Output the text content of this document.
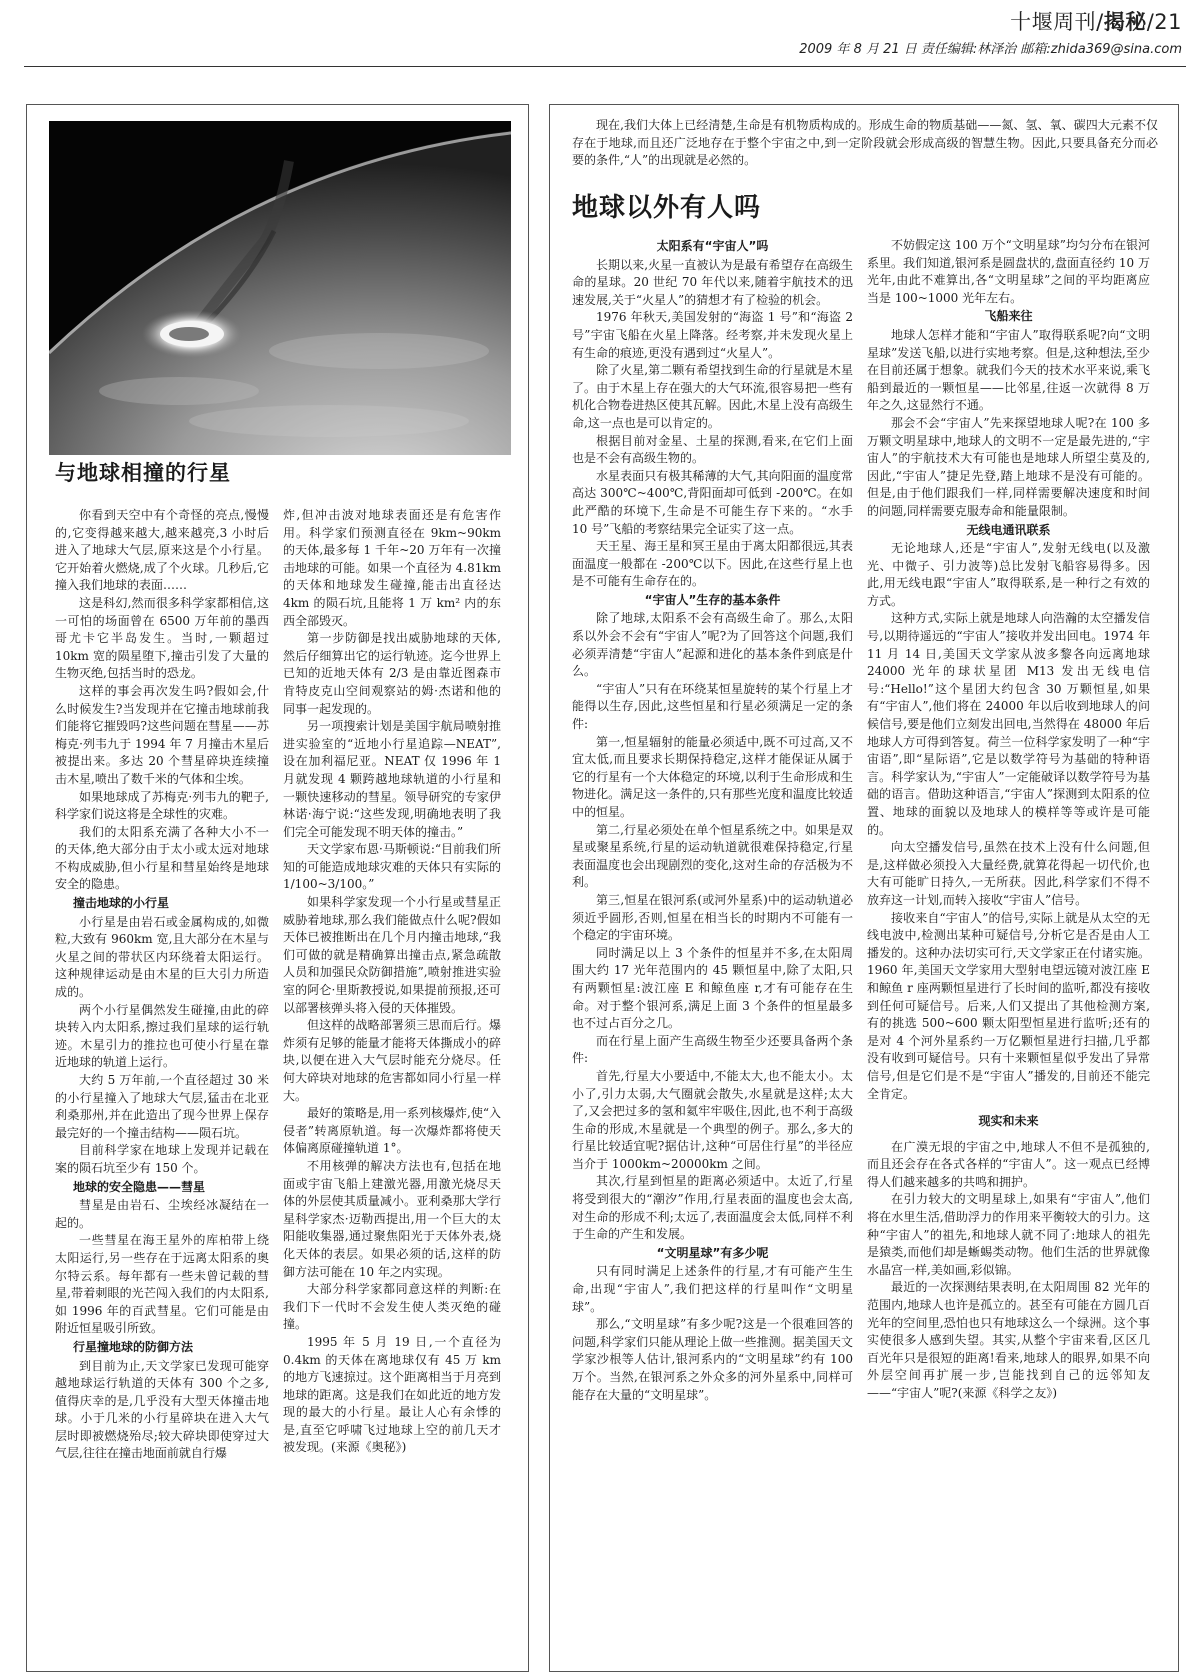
十堰周刊/揭秘/21
2009 年 8 月 21 日 责任编辑:林泽治 邮箱:zhida369@sina.com
与地球相撞的行星

你看到天空中有个奇怪的亮点,慢慢的,它变得越来越大,越来越亮,3 小时后进入了地球大气层,原来这是个小行星。它开始着火燃烧,成了个火球。几秒后,它撞入我们地球的表面……

这是科幻,然而很多科学家都相信,这一可怕的场面曾在 6500 万年前的墨西哥尤卡它半岛发生。当时,一颗超过 10km 宽的陨星堕下,撞击引发了大量的生物灭绝,包括当时的恐龙。

这样的事会再次发生吗?假如会,什么时候发生?当发现并在它撞击地球前我们能将它摧毁吗?这些问题在彗星——苏梅克·列韦九于 1994 年 7 月撞击木星后被提出来。多达 20 个彗星碎块连续撞击木星,喷出了数千米的气体和尘埃。

如果地球成了苏梅克·列韦九的靶子,科学家们说这将是全球性的灾难。

我们的太阳系充满了各种大小不一的天体,绝大部分由于太小或太远对地球不构成威胁,但小行星和彗星始终是地球安全的隐患。

撞击地球的小行星

小行星是由岩石或金属构成的,如微粒,大致有 960km 宽,且大部分在木星与火星之间的带状区内环绕着太阳运行。这种规律运动是由木星的巨大引力所造成的。

两个小行星偶然发生碰撞,由此的碎块转入内太阳系,擦过我们星球的运行轨迹。木星引力的推拉也可使小行星在靠近地球的轨道上运行。

大约 5 万年前,一个直径超过 30 米的小行星撞入了地球大气层,猛击在北亚利桑那州,并在此造出了现今世界上保存最完好的一个撞击结构——陨石坑。

目前科学家在地球上发现并记载在案的陨石坑至少有 150 个。

地球的安全隐患——彗星

彗星是由岩石、尘埃经冰凝结在一起的。

一些彗星在海王星外的库柏带上绕太阳运行,另一些存在于远离太阳系的奥尔特云系。每年都有一些未曾记载的彗星,带着刺眼的光芒闯入我们的内太阳系,如 1996 年的百武彗星。它们可能是由附近恒星吸引所致。

行星撞地球的防御方法

到目前为止,天文学家已发现可能穿越地球运行轨道的天体有 300 个之多,值得庆幸的是,几乎没有大型天体撞击地球。小于几米的小行星碎块在进入大气层时即被燃烧殆尽;较大碎块即使穿过大气层,往往在撞击地面前就自行爆

炸,但冲击波对地球表面还是有危害作用。科学家们预测直径在 9km~90km 的天体,最多每 1 千年~20 万年有一次撞击地球的可能。如果一个直径为 4.81km 的天体和地球发生碰撞,能击出直径达 4km 的陨石坑,且能将 1 万 km² 内的东西全部毁灭。

第一步防御是找出威胁地球的天体,然后仔细算出它的运行轨迹。迄今世界上已知的近地天体有 2/3 是由靠近图森市肯特皮克山空间观察站的姆·杰诺和他的同事一起发现的。

另一项搜索计划是美国宇航局喷射推进实验室的“近地小行星追踪—NEAT”,设在加利福尼亚。NEAT 仅 1996 年 1 月就发现 4 颗跨越地球轨道的小行星和一颗快速移动的彗星。领导研究的专家伊林诺·海宁说:“这些发现,明确地表明了我们完全可能发现不明天体的撞击。”

天文学家布恩·马斯顿说:“目前我们所知的可能造成地球灾难的天体只有实际的 1/100~3/100。”

如果科学家发现一个小行星或彗星正威胁着地球,那么我们能做点什么呢?假如天体已被推断出在几个月内撞击地球,“我们可做的就是精确算出撞击点,紧急疏散人员和加强民众防御措施”,喷射推进实验室的阿仑·里斯教授说,如果提前预报,还可以部署核弹头将入侵的天体摧毁。

但这样的战略部署须三思而后行。爆炸须有足够的能量才能将天体撕成小的碎块,以便在进入大气层时能充分烧尽。任何大碎块对地球的危害都如同小行星一样大。

最好的策略是,用一系列核爆炸,使“入侵者”转离原轨道。每一次爆炸都将使天体偏离原碰撞轨道 1°。

不用核弹的解决方法也有,包括在地面或宇宙飞船上建激光器,用激光烧尽天体的外层使其质量减小。亚利桑那大学行星科学家杰·迈勒西提出,用一个巨大的太阳能收集器,通过聚焦阳光于天体外表,烧化天体的表层。如果必须的话,这样的防御方法可能在 10 年之内实现。

大部分科学家都同意这样的判断:在我们下一代时不会发生使人类灭绝的碰撞。

1995 年 5 月 19 日,一个直径为 0.4km 的天体在离地球仅有 45 万 km 的地方飞速掠过。这个距离相当于月亮到地球的距离。这是我们在如此近的地方发现的最大的小行星。最让人心有余悸的是,直至它呼啸飞过地球上空的前几天才被发现。(来源《奥秘》)

现在,我们大体上已经清楚,生命是有机物质构成的。形成生命的物质基础——氮、氢、氧、碳四大元素不仅存在于地球,而且还广泛地存在于整个宇宙之中,到一定阶段就会形成高级的智慧生物。因此,只要具备充分而必要的条件,“人”的出现就是必然的。

地球以外有人吗
太阳系有“宇宙人”吗

长期以来,火星一直被认为是最有希望存在高级生命的星球。20 世纪 70 年代以来,随着宇航技术的迅速发展,关于“火星人”的猜想才有了检验的机会。

1976 年秋天,美国发射的“海盗 1 号”和“海盗 2 号”宇宙飞船在火星上降落。经考察,并未发现火星上有生命的痕迹,更没有遇到过“火星人”。

除了火星,第二颗有希望找到生命的行星就是木星了。由于木星上存在强大的大气环流,很容易把一些有机化合物卷进热区使其瓦解。因此,木星上没有高级生命,这一点也是可以肯定的。

根据目前对金星、土星的探测,看来,在它们上面也是不会有高级生物的。

水星表面只有极其稀薄的大气,其向阳面的温度常高达 300℃~400℃,背阳面却可低到 -200℃。在如此严酷的环境下,生命是不可能生存下来的。“水手 10 号”飞船的考察结果完全证实了这一点。

天王星、海王星和冥王星由于离太阳都很远,其表面温度一般都在 -200℃以下。因此,在这些行星上也是不可能有生命存在的。

“宇宙人”生存的基本条件

除了地球,太阳系不会有高级生命了。那么,太阳系以外会不会有“宇宙人”呢?为了回答这个问题,我们必须弄清楚“宇宙人”起源和进化的基本条件到底是什么。

“宇宙人”只有在环绕某恒星旋转的某个行星上才能得以生存,因此,这些恒星和行星必须满足一定的条件:

第一,恒星辐射的能量必须适中,既不可过高,又不宜太低,而且要求长期保持稳定,这样才能保证从属于它的行星有一个大体稳定的环境,以利于生命形成和生物进化。满足这一条件的,只有那些光度和温度比较适中的恒星。

第二,行星必须处在单个恒星系统之中。如果是双星或聚星系统,行星的运动轨道就很难保持稳定,行星表面温度也会出现剧烈的变化,这对生命的存活极为不利。

第三,恒星在银河系(或河外星系)中的运动轨道必须近乎圆形,否则,恒星在相当长的时期内不可能有一个稳定的宇宙环境。

同时满足以上 3 个条件的恒星并不多,在太阳周围大约 17 光年范围内的 45 颗恒星中,除了太阳,只有两颗恒星:波江座 E 和鲸鱼座 r,才有可能存在生命。对于整个银河系,满足上面 3 个条件的恒星最多也不过占百分之几。

而在行星上面产生高级生物至少还要具备两个条件:

首先,行星大小要适中,不能太大,也不能太小。太小了,引力太弱,大气圈就会散失,水星就是这样;太大了,又会把过多的氢和氦牢牢吸住,因此,也不利于高级生命的形成,木星就是一个典型的例子。那么,多大的行星比较适宜呢?据估计,这种“可居住行星”的半径应当介于 1000km~20000km 之间。

其次,行星到恒星的距离必须适中。太近了,行星将受到很大的“潮汐”作用,行星表面的温度也会太高,对生命的形成不利;太远了,表面温度会太低,同样不利于生命的产生和发展。

“文明星球”有多少呢

只有同时满足上述条件的行星,才有可能产生生命,出现“宇宙人”,我们把这样的行星叫作“文明星球”。

那么,“文明星球”有多少呢?这是一个很难回答的问题,科学家们只能从理论上做一些推测。据美国天文学家沙根等人估计,银河系内的“文明星球”约有 100 万个。当然,在银河系之外众多的河外星系中,同样可能存在大量的“文明星球”。

不妨假定这 100 万个“文明星球”均匀分布在银河系里。我们知道,银河系是圆盘状的,盘面直径约 10 万光年,由此不难算出,各“文明星球”之间的平均距离应当是 100~1000 光年左右。

飞船来往

地球人怎样才能和“宇宙人”取得联系呢?向“文明星球”发送飞船,以进行实地考察。但是,这种想法,至少在目前还属于想象。就我们今天的技术水平来说,乘飞船到最近的一颗恒星——比邻星,往返一次就得 8 万年之久,这显然行不通。

那会不会“宇宙人”先来探望地球人呢?在 100 多万颗文明星球中,地球人的文明不一定是最先进的,“宇宙人”的宇航技术大有可能也是地球人所望尘莫及的,因此,“宇宙人”捷足先登,踏上地球不是没有可能的。但是,由于他们跟我们一样,同样需要解决速度和时间的问题,同样需要克服寿命和能量限制。

无线电通讯联系

无论地球人,还是“宇宙人”,发射无线电(以及激光、中微子、引力波等)总比发射飞船容易得多。因此,用无线电跟“宇宙人”取得联系,是一种行之有效的方式。

这种方式,实际上就是地球人向浩瀚的太空播发信号,以期待遥远的“宇宙人”接收并发出回电。1974 年 11 月 14 日,美国天文学家从波多黎各向远离地球 24000 光年的球状星团 M13 发出无线电信号:“Hello!”这个星团大约包含 30 万颗恒星,如果有“宇宙人”,他们将在 24000 年以后收到地球人的问候信号,要是他们立刻发出回电,当然得在 48000 年后地球人方可得到答复。荷兰一位科学家发明了一种“宇宙语”,即“星际语”,它是以数学符号为基础的特种语言。科学家认为,“宇宙人”一定能破译以数学符号为基础的语言。借助这种语言,“宇宙人”探测到太阳系的位置、地球的面貌以及地球人的模样等等或许是可能的。

向太空播发信号,虽然在技术上没有什么问题,但是,这样做必须投入大量经费,就算花得起一切代价,也大有可能旷日持久,一无所获。因此,科学家们不得不放弃这一计划,而转入接收“宇宙人”信号。

接收来自“宇宙人”的信号,实际上就是从太空的无线电波中,检测出某种可疑信号,分析它是否是由人工播发的。这种办法切实可行,天文学家正在付诸实施。1960 年,美国天文学家用大型射电望远镜对波江座 E 和鲸鱼 r 座两颗恒星进行了长时间的监听,都没有接收到任何可疑信号。后来,人们又提出了其他检测方案,有的挑选 500~600 颗太阳型恒星进行监听;还有的是对 4 个河外星系约一万亿颗恒星进行扫描,几乎都没有收到可疑信号。只有十来颗恒星似乎发出了异常信号,但是它们是不是“宇宙人”播发的,目前还不能完全肯定。

现实和未来

在广漠无垠的宇宙之中,地球人不但不是孤独的,而且还会存在各式各样的“宇宙人”。这一观点已经博得人们越来越多的共鸣和拥护。

在引力较大的文明星球上,如果有“宇宙人”,他们将在水里生活,借助浮力的作用来平衡较大的引力。这种“宇宙人”的祖先,和地球人就不同了:地球人的祖先是猿类,而他们却是蜥蜴类动物。他们生活的世界就像水晶宫一样,美如画,彩似锦。

最近的一次探测结果表明,在太阳周围 82 光年的范围内,地球人也许是孤立的。甚至有可能在方圆几百光年的空间里,恐怕也只有地球这么一个绿洲。这个事实使很多人感到失望。其实,从整个宇宙来看,区区几百光年只是很短的距离!看来,地球人的眼界,如果不向外层空间再扩展一步,岂能找到自己的远邻知友——“宇宙人”呢?(来源《科学之友》)
